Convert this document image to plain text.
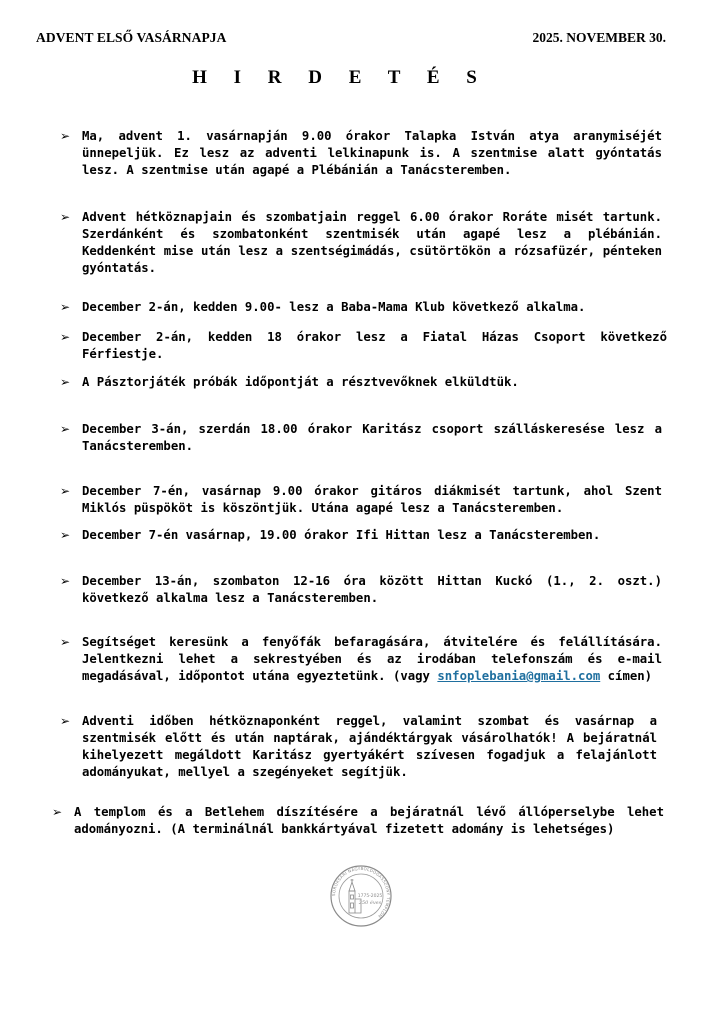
ADVENT ELSŐ VASÁRNAPJA	2025. NOVEMBER 30.
H I R D E T É S
➢ Ma, advent 1. vasárnapján 9.00 órakor Talapka István atya aranymiséjét ünnepeljük. Ez lesz az adventi lelkinapunk is. A szentmise alatt gyóntatás lesz. A szentmise után agapé a Plébánián a Tanácsteremben.
➢ Advent hétköznapjain és szombatjain reggel 6.00 órakor Roráte misét tartunk. Szerdánként és szombatonként szentmisék után agapé lesz a plébánián. Keddenként mise után lesz a szentségimádás, csütörtökön a rózsafüzér, pénteken gyóntatás.
➢ December 2-án, kedden 9.00- lesz a Baba-Mama Klub következő alkalma.
➢ December 2-án, kedden 18 órakor lesz a Fiatal Házas Csoport következő Férfiestje.
➢ A Pásztorjáték próbák időpontját a résztvevőknek elküldtük.
➢ December 3-án, szerdán 18.00 órakor Karitász csoport szálláskeresése lesz a Tanácsteremben.
➢ December 7-én, vasárnap 9.00 órakor gitáros diákmisét tartunk, ahol Szent Miklós püspököt is köszöntjük. Utána agapé lesz a Tanácsteremben.
➢ December 7-én vasárnap, 19.00 órakor Ifi Hittan lesz a Tanácsteremben.
➢ December 13-án, szombaton 12-16 óra között Hittan Kuckó (1., 2. oszt.) következő alkalma lesz a Tanácsteremben.
➢ Segítséget keresünk a fenyőfák befaragására, átvitelére és felállítására. Jelentkezni lehet a sekrestyében és az irodában telefonszám és e-mail megadásával, időpontot utána egyeztetünk. (vagy snfoplebania@gmail.com címen)
➢ Adventi időben hétköznaponként reggel, valamint szombat és vasárnap a szentmisék előtt és után naptárak, ajándéktárgyak vásárolhatók! A bejáratnál kihelyezett megáldott Karitász gyertyákért szívesen fogadjuk a felajánlott adományukat, mellyel a szegényeket segítjük.
➢ A templom és a Betlehem díszítésére a bejáratnál lévő állóperselybe lehet adományozni. (A terminálnál bankkártyával fizetett adomány is lehetséges)
SOROKSÁRI NAGYBOLDOGASSZONY TEMPLOM
1775-2025
250 éves
